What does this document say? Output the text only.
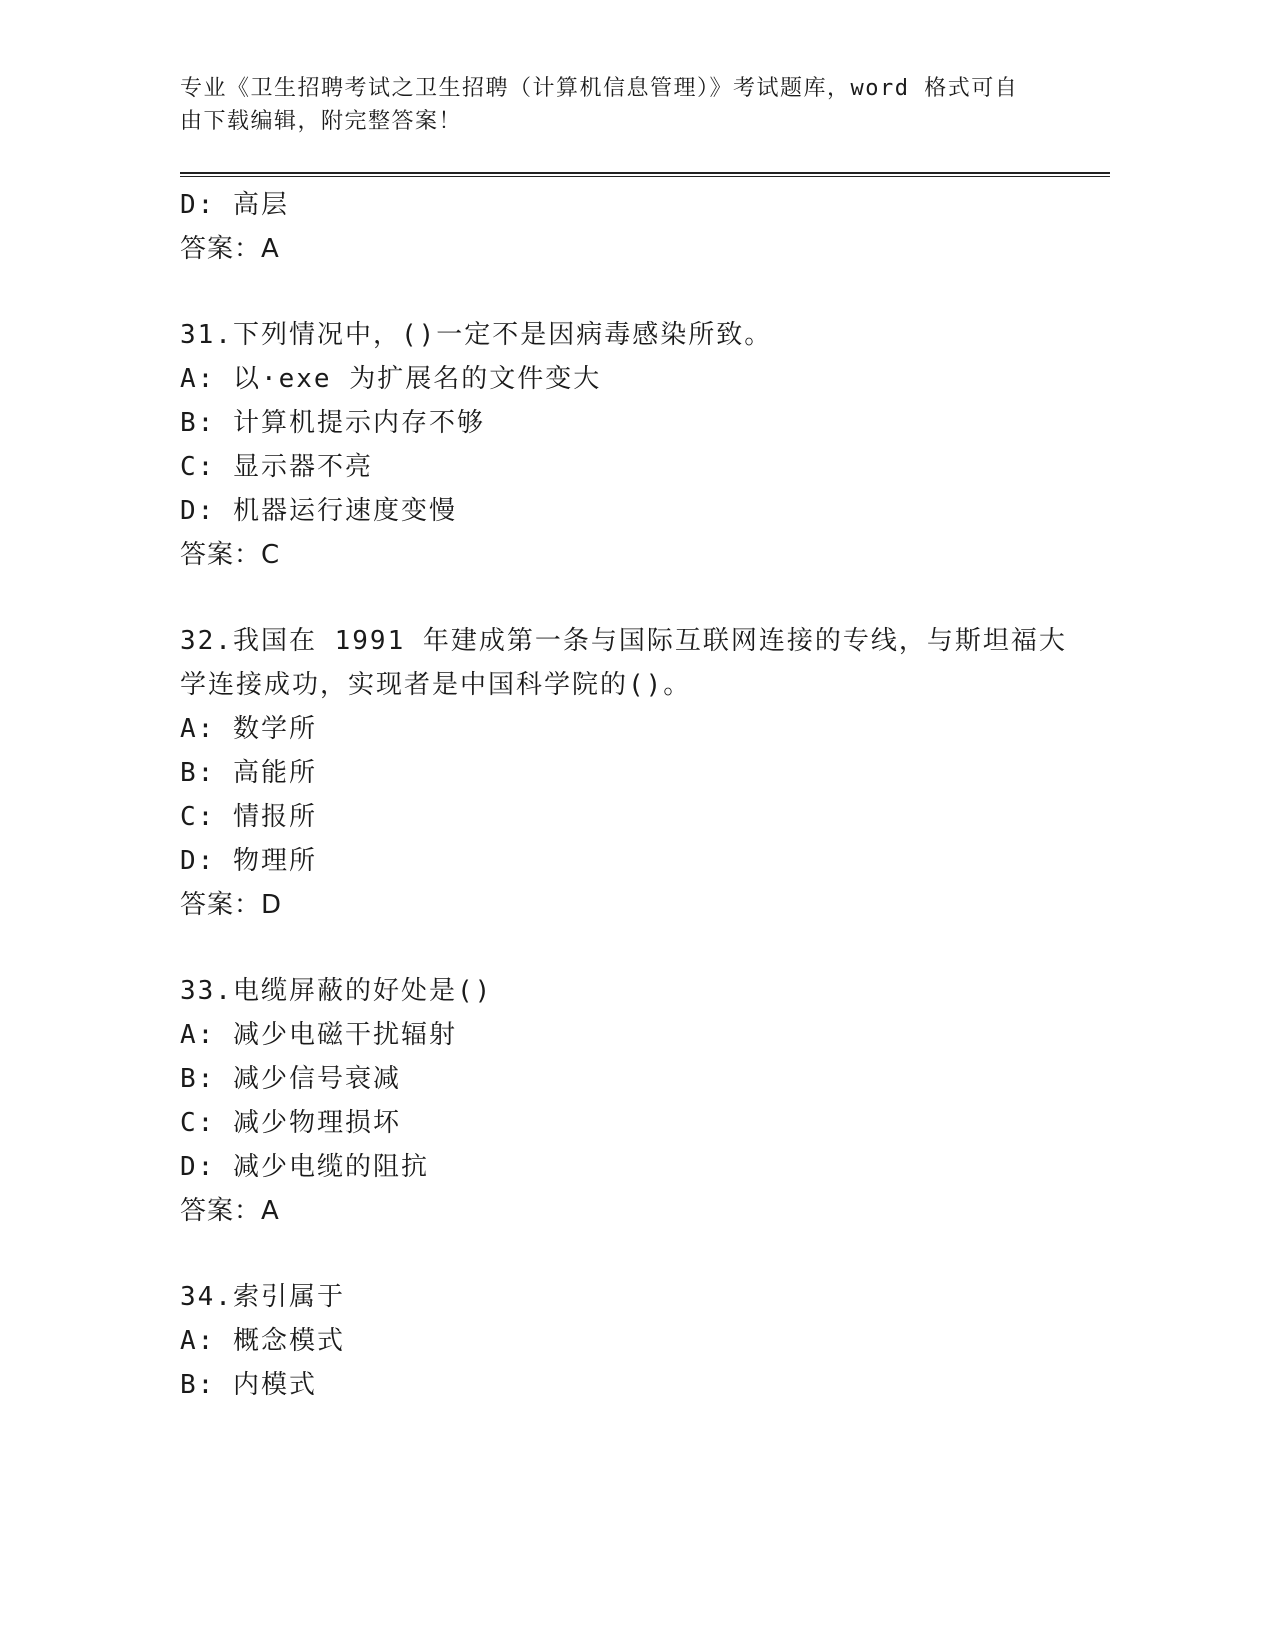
专业《卫生招聘考试之卫生招聘（计算机信息管理）》考试题库，word 格式可自
由下载编辑，附完整答案！

D: 高层
答案：A
31.下列情况中，()一定不是因病毒感染所致。
A: 以·exe 为扩展名的文件变大
B: 计算机提示内存不够
C: 显示器不亮
D: 机器运行速度变慢
答案：C
32.我国在 1991 年建成第一条与国际互联网连接的专线，与斯坦福大
学连接成功，实现者是中国科学院的()。
A: 数学所
B: 高能所
C: 情报所
D: 物理所
答案：D
33.电缆屏蔽的好处是()
A: 减少电磁干扰辐射
B: 减少信号衰减
C: 减少物理损坏
D: 减少电缆的阻抗
答案：A
34.索引属于
A: 概念模式
B: 内模式
